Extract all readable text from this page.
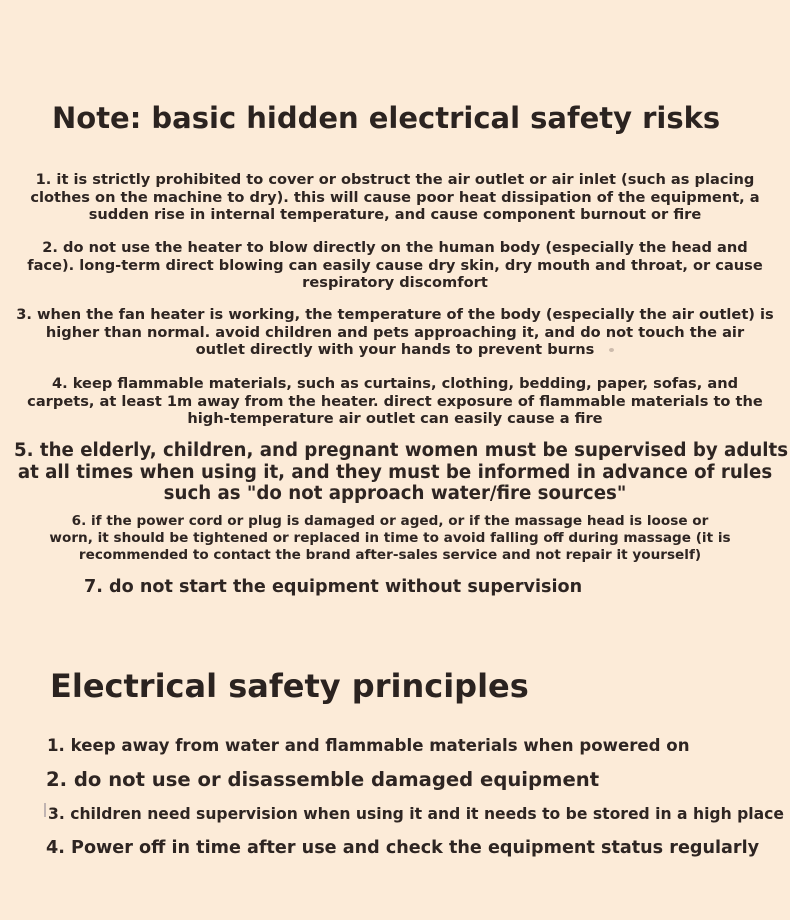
Note: basic hidden electrical safety risks

1. it is strictly prohibited to cover or obstruct the air outlet or air inlet (such as placing
clothes on the machine to dry). this will cause poor heat dissipation of the equipment, a
sudden rise in internal temperature, and cause component burnout or fire

2. do not use the heater to blow directly on the human body (especially the head and
face). long-term direct blowing can easily cause dry skin, dry mouth and throat, or cause
respiratory discomfort

3. when the fan heater is working, the temperature of the body (especially the air outlet) is
higher than normal. avoid children and pets approaching it, and do not touch the air
outlet directly with your hands to prevent burns

4. keep flammable materials, such as curtains, clothing, bedding, paper, sofas, and
carpets, at least 1m away from the heater. direct exposure of flammable materials to the
high-temperature air outlet can easily cause a fire

5. the elderly, children, and pregnant women must be supervised by adults
at all times when using it, and they must be informed in advance of rules
such as "do not approach water/fire sources"

6. if the power cord or plug is damaged or aged, or if the massage head is loose or
worn, it should be tightened or replaced in time to avoid falling off during massage (it is
recommended to contact the brand after-sales service and not repair it yourself)

7. do not start the equipment without supervision

Electrical safety principles

1. keep away from water and flammable materials when powered on

2. do not use or disassemble damaged equipment

3. children need supervision when using it and it needs to be stored in a high place

4. Power off in time after use and check the equipment status regularly
